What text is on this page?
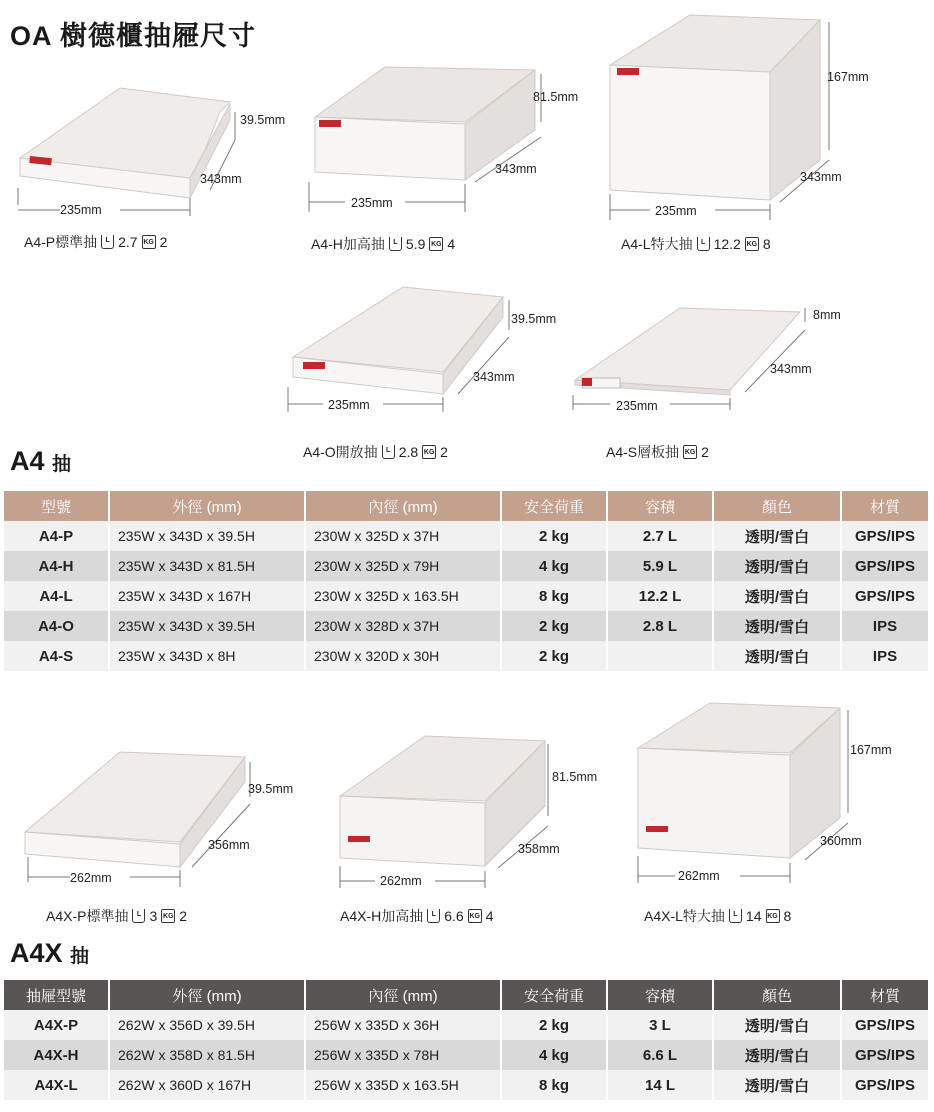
OA 樹德櫃抽屜尺寸
39.5mm
343mm
235mm
A4-P標準抽	L 2.7 KG 2
81.5mm
343mm
235mm
A4-H加高抽	L 5.9 KG 4
167mm
343mm
235mm
A4-L特大抽	L 12.2 KG 8
39.5mm
343mm
235mm
A4-O開放抽	L 2.8 KG 2
8mm
343mm
235mm
A4-S層板抽 KG 2
A4 抽
型號	外徑 (mm)	內徑 (mm)	安全荷重	容積	顏色	材質
A4-P	235W x 343D x 39.5H	230W x 325D x 37H	2 kg	2.7 L	透明/雪白	GPS/IPS
A4-H	235W x 343D x 81.5H	230W x 325D x 79H	4 kg	5.9 L	透明/雪白	GPS/IPS
A4-L	235W x 343D x 167H	230W x 325D x 163.5H	8 kg	12.2 L	透明/雪白	GPS/IPS
A4-O	235W x 343D x 39.5H	230W x 328D x 37H	2 kg	2.8 L	透明/雪白	IPS
A4-S	235W x 343D x 8H	230W x 320D x 30H	2 kg		透明/雪白	IPS
39.5mm
356mm
262mm
A4X-P標準抽	L 3 KG 2
81.5mm
358mm
262mm
A4X-H加高抽	L 6.6 KG 4
167mm
360mm
262mm
A4X-L特大抽	L 14 KG 8
A4X 抽
抽屜型號	外徑 (mm)	內徑 (mm)	安全荷重	容積	顏色	材質
A4X-P	262W x 356D x 39.5H	256W x 335D x 36H	2 kg	3 L	透明/雪白	GPS/IPS
A4X-H	262W x 358D x 81.5H	256W x 335D x 78H	4 kg	6.6 L	透明/雪白	GPS/IPS
A4X-L	262W x 360D x 167H	256W x 335D x 163.5H	8 kg	14 L	透明/雪白	GPS/IPS
